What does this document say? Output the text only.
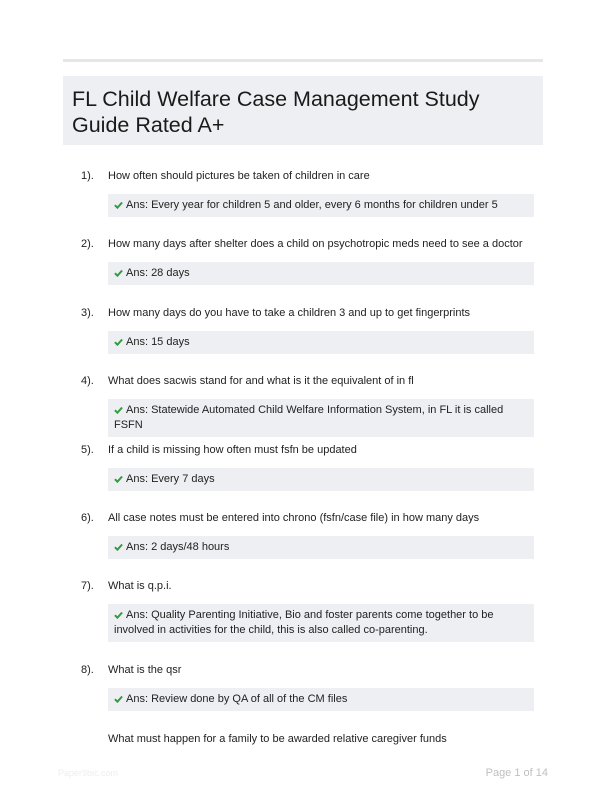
FL Child Welfare Case Management Study Guide Rated A+
1). How often should pictures be taken of children in care
Ans: Every year for children 5 and older, every 6 months for children under 5
2). How many days after shelter does a child on psychotropic meds need to see a doctor
Ans: 28 days
3). How many days do you have to take a children 3 and up to get fingerprints
Ans: 15 days
4). What does sacwis stand for and what is it the equivalent of in fl
Ans: Statewide Automated Child Welfare Information System, in FL it is called FSFN
5). If a child is missing how often must fsfn be updated
Ans: Every 7 days
6). All case notes must be entered into chrono (fsfn/case file) in how many days
Ans: 2 days/48 hours
7). What is q.p.i.
Ans: Quality Parenting Initiative, Bio and foster parents come together to be involved in activities for the child, this is also called co-parenting.
8). What is the qsr
Ans: Review done by QA of all of the CM files
What must happen for a family to be awarded relative caregiver funds
Paper9bic.com	Page 1 of 14
